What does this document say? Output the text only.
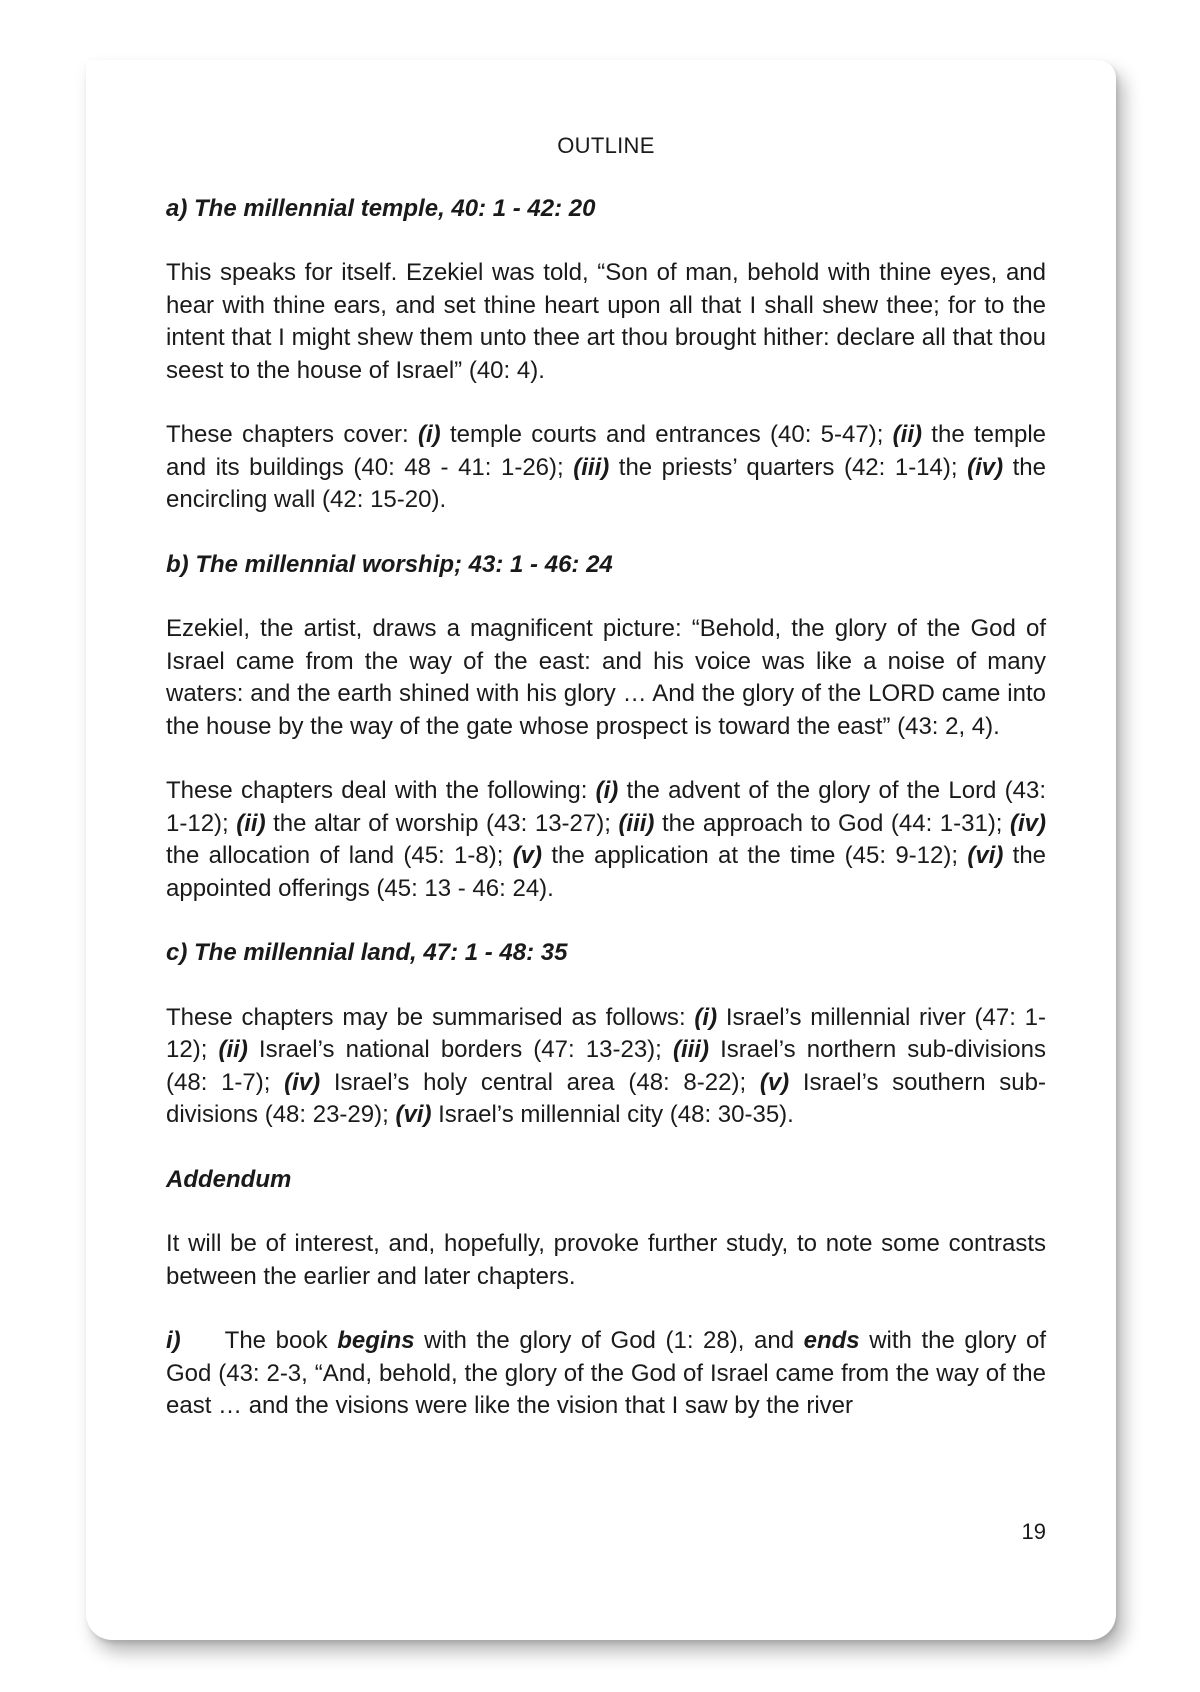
OUTLINE
a) The millennial temple, 40: 1 - 42: 20

This speaks for itself. Ezekiel was told, “Son of man, behold with thine eyes, and hear with thine ears, and set thine heart upon all that I shall shew thee; for to the intent that I might shew them unto thee art thou brought hither: declare all that thou seest to the house of Israel” (40: 4).

These chapters cover: (i) temple courts and entrances (40: 5-47); (ii) the temple and its buildings (40: 48 - 41: 1-26); (iii) the priests’ quarters (42: 1-14); (iv) the encircling wall (42: 15-20).

b) The millennial worship; 43: 1 - 46: 24

Ezekiel, the artist, draws a magnificent picture: “Behold, the glory of the God of Israel came from the way of the east: and his voice was like a noise of many waters: and the earth shined with his glory … And the glory of the LORD came into the house by the way of the gate whose prospect is toward the east” (43: 2, 4).

These chapters deal with the following: (i) the advent of the glory of the Lord (43: 1-12); (ii) the altar of worship (43: 13-27); (iii) the approach to God (44: 1-31); (iv) the allocation of land (45: 1-8); (v) the application at the time (45: 9-12); (vi) the appointed offerings (45: 13 - 46: 24).

c) The millennial land, 47: 1 - 48: 35

These chapters may be summarised as follows: (i) Israel’s millennial river (47: 1-12); (ii) Israel’s national borders (47: 13-23); (iii) Israel’s northern sub-divisions (48: 1-7); (iv) Israel’s holy central area (48: 8-22); (v) Israel’s southern sub-divisions (48: 23-29); (vi) Israel’s millennial city (48: 30-35).

Addendum

It will be of interest, and, hopefully, provoke further study, to note some contrasts between the earlier and later chapters.

i) The book begins with the glory of God (1: 28), and ends with the glory of God (43: 2-3, “And, behold, the glory of the God of Israel came from the way of the east … and the visions were like the vision that I saw by the river

19
